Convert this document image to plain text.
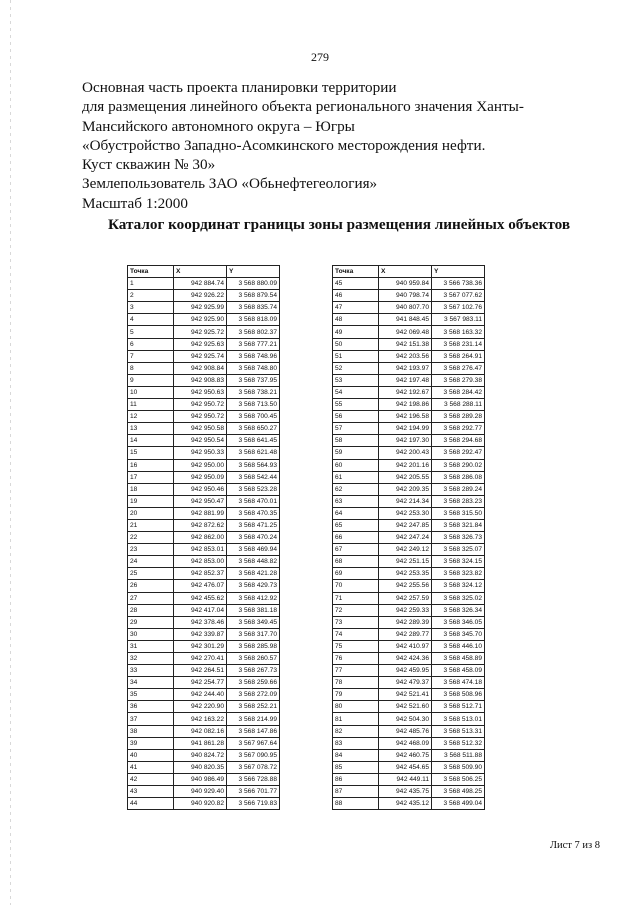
279
Основная часть проекта планировки территории
для размещения линейного объекта регионального значения Ханты-
Мансийского автономного округа – Югры
«Обустройство Западно-Асомкинского месторождения нефти.
Куст скважин № 30»
Землепользователь ЗАО «Обьнефтегеология»
Масштаб 1:2000
Каталог координат границы зоны размещения линейных объектов
Точка	X	Y
1	942 884.74	3 568 880.09
2	942 926.22	3 568 879.54
3	942 925.99	3 568 835.74
4	942 925.90	3 568 818.09
5	942 925.72	3 568 802.37
6	942 925.63	3 568 777.21
7	942 925.74	3 568 748.96
8	942 908.84	3 568 748.80
9	942 908.83	3 568 737.95
10	942 950.63	3 568 738.21
11	942 950.72	3 568 713.50
12	942 950.72	3 568 700.45
13	942 950.58	3 568 650.27
14	942 950.54	3 568 641.45
15	942 950.33	3 568 621.48
16	942 950.00	3 568 564.93
17	942 950.09	3 568 542.44
18	942 950.46	3 568 523.28
19	942 950.47	3 568 470.01
20	942 881.99	3 568 470.35
21	942 872.62	3 568 471.25
22	942 862.00	3 568 470.24
23	942 853.01	3 568 469.94
24	942 853.00	3 568 448.82
25	942 852.37	3 568 421.28
26	942 476.07	3 568 429.73
27	942 455.62	3 568 412.92
28	942 417.04	3 568 381.18
29	942 378.46	3 568 349.45
30	942 339.87	3 568 317.70
31	942 301.29	3 568 285.98
32	942 270.41	3 568 260.57
33	942 264.51	3 568 267.73
34	942 254.77	3 568 259.66
35	942 244.40	3 568 272.09
36	942 220.90	3 568 252.21
37	942 163.22	3 568 214.99
38	942 082.16	3 568 147.86
39	941 861.28	3 567 967.64
40	940 824.72	3 567 090.95
41	940 820.35	3 567 078.72
42	940 986.49	3 566 728.88
43	940 929.40	3 566 701.77
44	940 920.82	3 566 719.83
Точка	X	Y
45	940 959.84	3 566 738.36
46	940 798.74	3 567 077.62
47	940 807.70	3 567 102.76
48	941 848.45	3 567 983.11
49	942 069.48	3 568 163.32
50	942 151.38	3 568 231.14
51	942 203.56	3 568 264.91
52	942 193.97	3 568 276.47
53	942 197.48	3 568 279.38
54	942 192.67	3 568 284.42
55	942 198.86	3 568 288.11
56	942 196.58	3 568 289.28
57	942 194.99	3 568 292.77
58	942 197.30	3 568 294.68
59	942 200.43	3 568 292.47
60	942 201.16	3 568 290.02
61	942 205.55	3 568 286.08
62	942 209.35	3 568 289.24
63	942 214.34	3 568 283.23
64	942 253.30	3 568 315.50
65	942 247.85	3 568 321.84
66	942 247.24	3 568 326.73
67	942 249.12	3 568 325.07
68	942 251.15	3 568 324.15
69	942 253.35	3 568 323.82
70	942 255.56	3 568 324.12
71	942 257.59	3 568 325.02
72	942 259.33	3 568 326.34
73	942 289.39	3 568 346.05
74	942 289.77	3 568 345.70
75	942 410.97	3 568 446.10
76	942 424.36	3 568 458.89
77	942 459.95	3 568 458.09
78	942 479.37	3 568 474.18
79	942 521.41	3 568 508.96
80	942 521.60	3 568 512.71
81	942 504.30	3 568 513.01
82	942 485.76	3 568 513.31
83	942 468.09	3 568 512.32
84	942 460.75	3 568 511.88
85	942 454.65	3 568 509.90
86	942 449.11	3 568 506.25
87	942 435.75	3 568 498.25
88	942 435.12	3 568 499.04
Лист 7 из 8
